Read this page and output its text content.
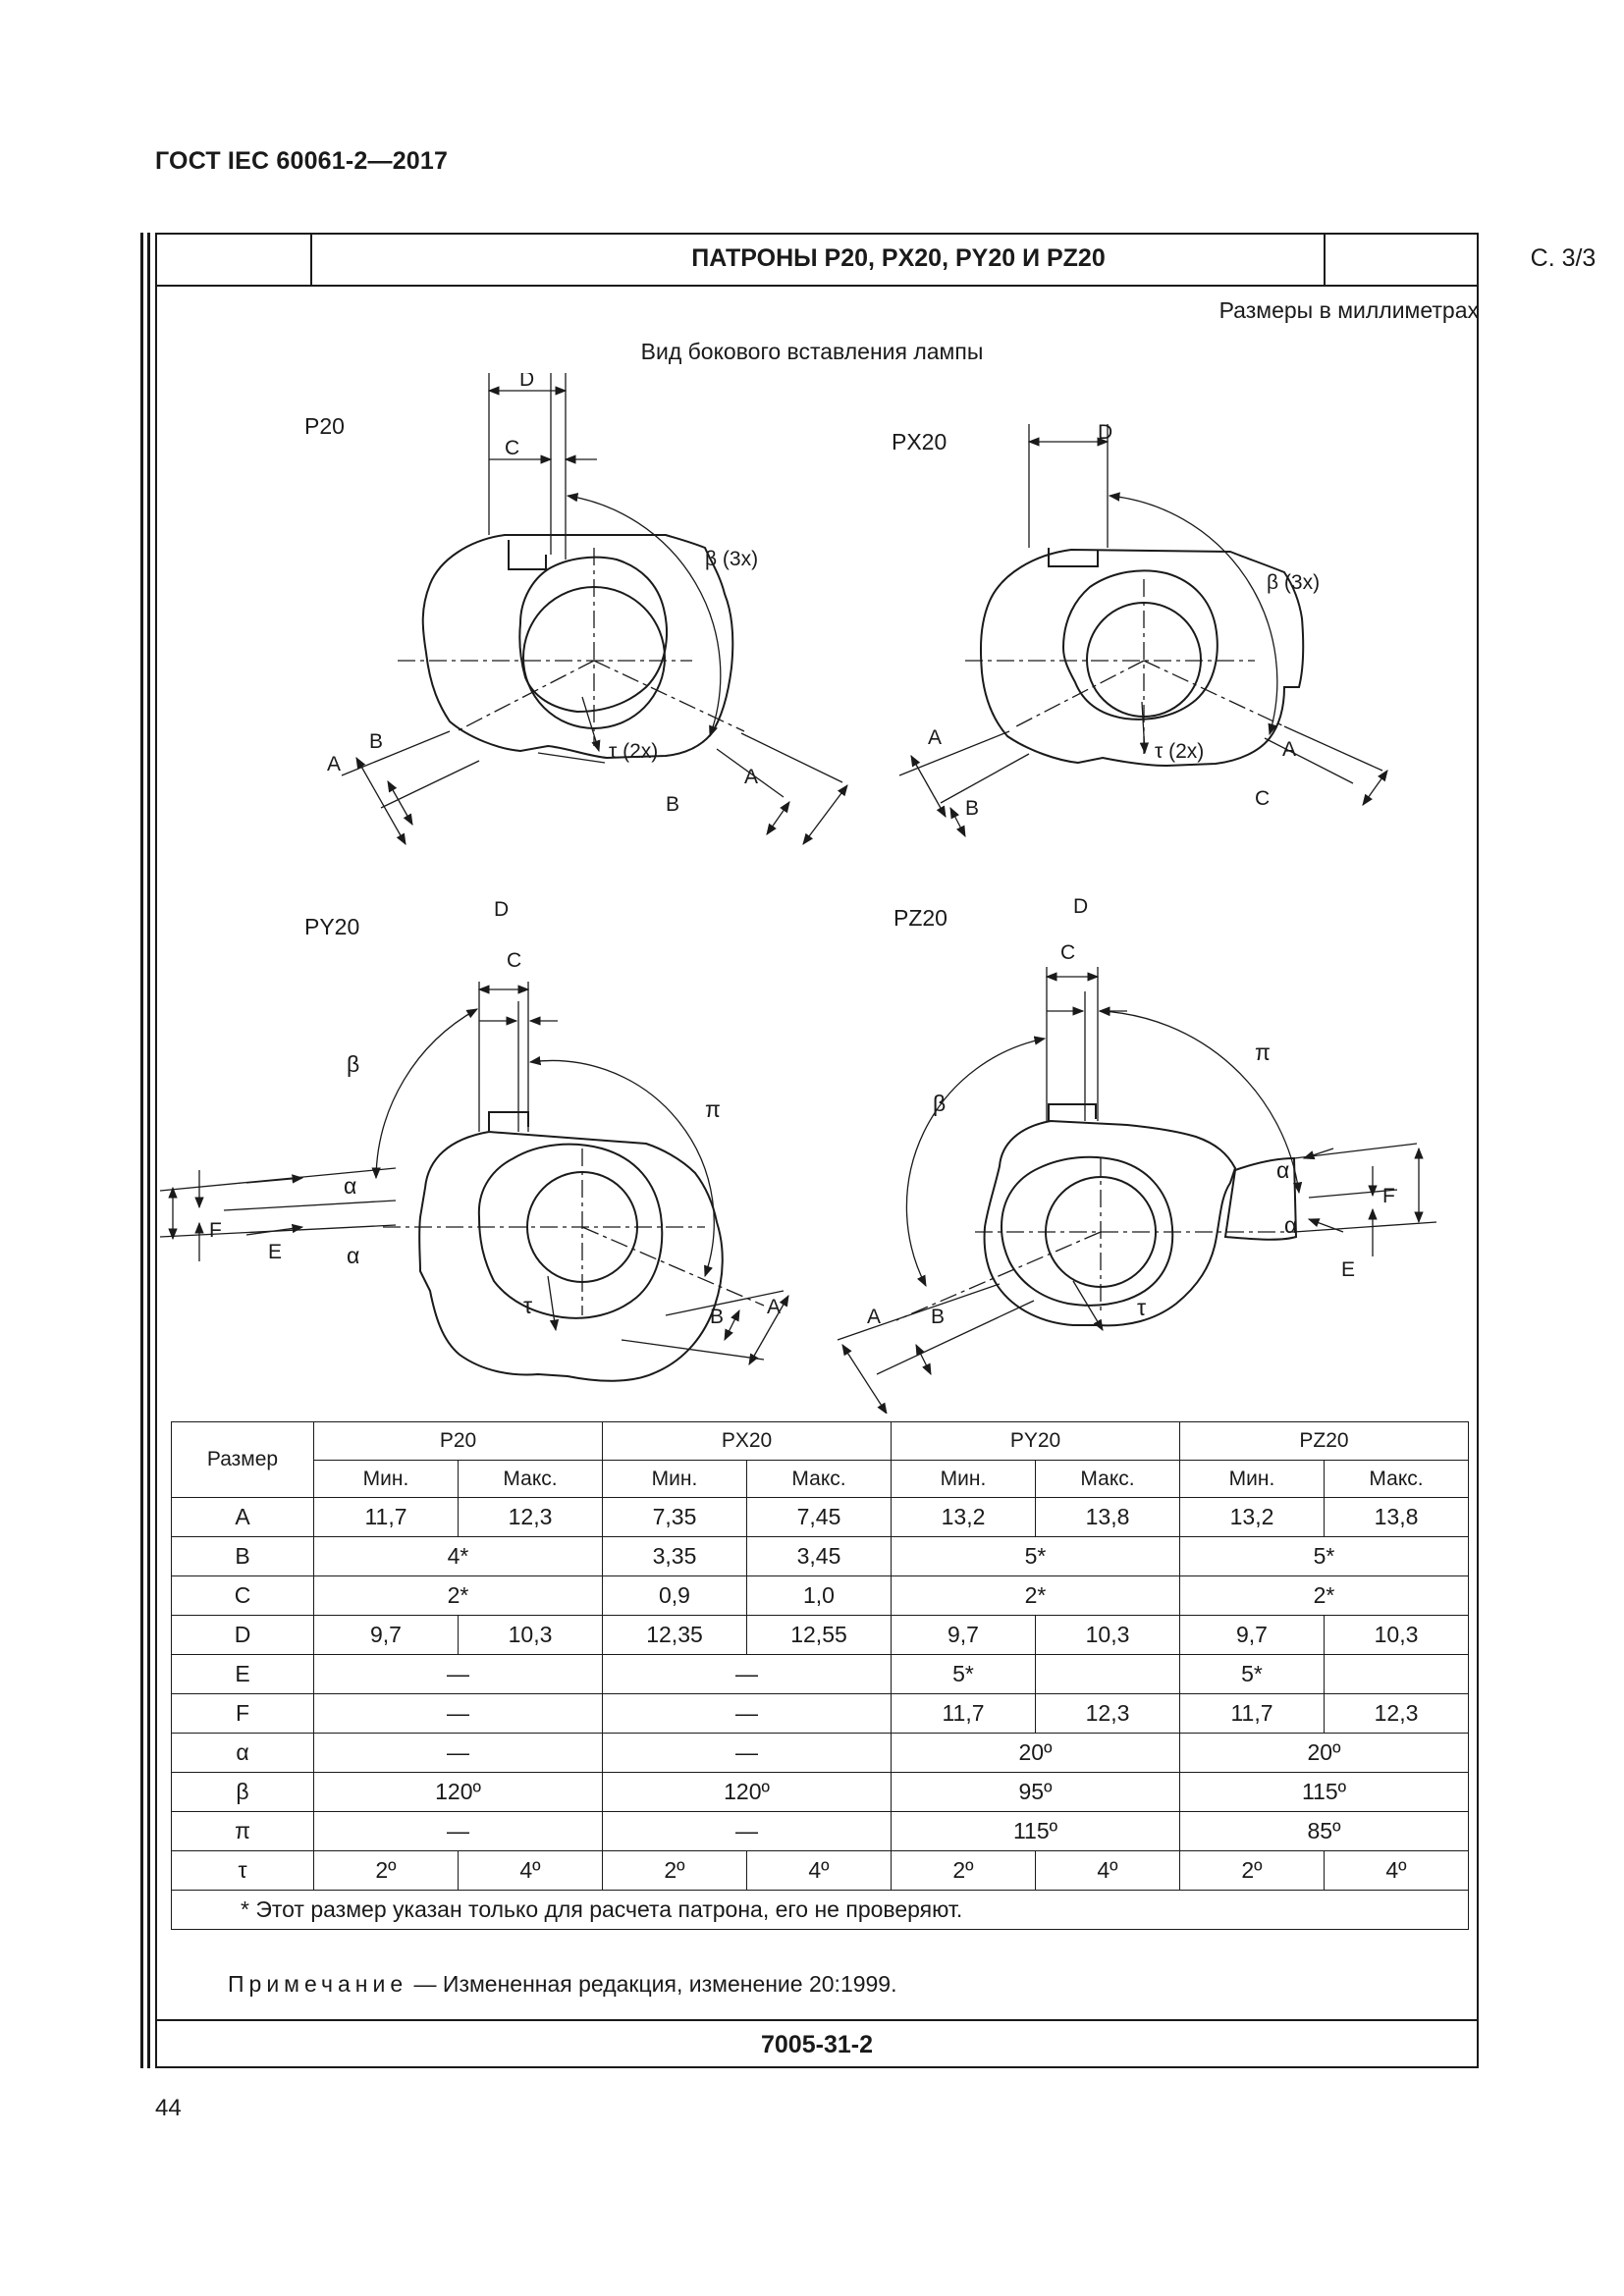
ГОСТ IEC 60061-2—2017
ПАТРОНЫ Р20, PX20, PY20 И PZ20	С. 3/3
Размеры в миллиметрах
Вид бокового вставления лампы
P20
D
C
β (3x)
τ (2x)
A
B
A
B
PX20	D
β (3x)
τ (2x)
A
B
A
C
PY20
D
C
β
π
α
α
F
E
τ	B A
PZ20	D
C
π
β
α
α
F
E
τ
A B
Размер	P20		PX20		PY20		PZ20	
	Мин.	Макс.	Мин.	Макс.	Мин.	Макс.	Мин.	Макс.
A	11,7	12,3	7,35	7,45	13,2	13,8	13,2	13,8
B	4*		3,35	3,45	5*		5*	
C	2*		0,9	1,0	2*		2*	
D	9,7	10,3	12,35	12,55	9,7	10,3	9,7	10,3
E	—		—		5*		5*	
F	—		—		11,7	12,3	11,7	12,3
α	—		—		20º		20º	
β	120º		120º		95º		115º	
π	—		—		115º		85º	
τ	2º	4º	2º	4º	2º	4º	2º	4º
* Этот размер указан только для расчета патрона, его не проверяют.								
Примечание — Измененная редакция, изменение 20:1999.
7005-31-2
44
